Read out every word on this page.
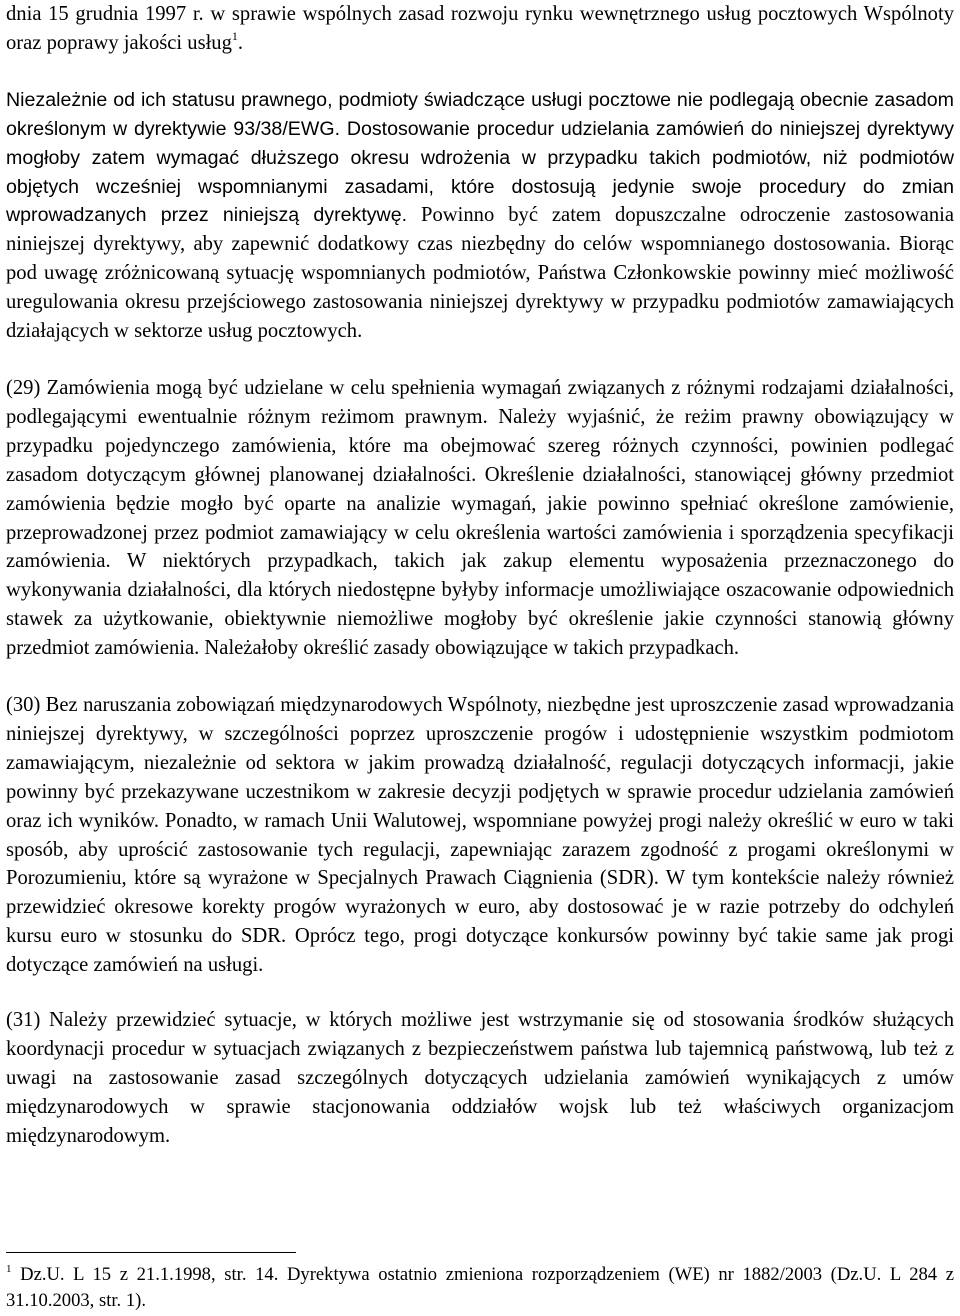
dnia 15 grudnia 1997 r. w sprawie wspólnych zasad rozwoju rynku wewnętrznego usług pocztowych Wspólnoty oraz poprawy jakości usług$^1$.

Niezależnie od ich statusu prawnego, podmioty świadczące usługi pocztowe nie podlegają obecnie zasadom określonym w dyrektywie 93/38/EWG. Dostosowanie procedur udzielania zamówień do niniejszej dyrektywy mogłoby zatem wymagać dłuższego okresu wdrożenia w przypadku takich podmiotów, niż podmiotów objętych wcześniej wspomnianymi zasadami, które dostosują jedynie swoje procedury do zmian wprowadzanych przez niniejszą dyrektywę. Powinno być zatem dopuszczalne odroczenie zastosowania niniejszej dyrektywy, aby zapewnić dodatkowy czas niezbędny do celów wspomnianego dostosowania. Biorąc pod uwagę zróżnicowaną sytuację wspomnianych podmiotów, Państwa Członkowskie powinny mieć możliwość uregulowania okresu przejściowego zastosowania niniejszej dyrektywy w przypadku podmiotów zamawiających działających w sektorze usług pocztowych.

(29) Zamówienia mogą być udzielane w celu spełnienia wymagań związanych z różnymi rodzajami działalności, podlegającymi ewentualnie różnym reżimom prawnym. Należy wyjaśnić, że reżim prawny obowiązujący w przypadku pojedynczego zamówienia, które ma obejmować szereg różnych czynności, powinien podlegać zasadom dotyczącym głównej planowanej działalności. Określenie działalności, stanowiącej główny przedmiot zamówienia będzie mogło być oparte na analizie wymagań, jakie powinno spełniać określone zamówienie, przeprowadzonej przez podmiot zamawiający w celu określenia wartości zamówienia i sporządzenia specyfikacji zamówienia. W niektórych przypadkach, takich jak zakup elementu wyposażenia przeznaczonego do wykonywania działalności, dla których niedostępne byłyby informacje umożliwiające oszacowanie odpowiednich stawek za użytkowanie, obiektywnie niemożliwe mogłoby być określenie jakie czynności stanowią główny przedmiot zamówienia. Należałoby określić zasady obowiązujące w takich przypadkach.

(30) Bez naruszania zobowiązań międzynarodowych Wspólnoty, niezbędne jest uproszczenie zasad wprowadzania niniejszej dyrektywy, w szczególności poprzez uproszczenie progów i udostępnienie wszystkim podmiotom zamawiającym, niezależnie od sektora w jakim prowadzą działalność, regulacji dotyczących informacji, jakie powinny być przekazywane uczestnikom w zakresie decyzji podjętych w sprawie procedur udzielania zamówień oraz ich wyników. Ponadto, w ramach Unii Walutowej, wspomniane powyżej progi należy określić w euro w taki sposób, aby uprościć zastosowanie tych regulacji, zapewniając zarazem zgodność z progami określonymi w Porozumieniu, które są wyrażone w Specjalnych Prawach Ciągnienia (SDR). W tym kontekście należy również przewidzieć okresowe korekty progów wyrażonych w euro, aby dostosować je w razie potrzeby do odchyleń kursu euro w stosunku do SDR. Oprócz tego, progi dotyczące konkursów powinny być takie same jak progi dotyczące zamówień na usługi.

(31) Należy przewidzieć sytuacje, w których możliwe jest wstrzymanie się od stosowania środków służących koordynacji procedur w sytuacjach związanych z bezpieczeństwem państwa lub tajemnicą państwową, lub też z uwagi na zastosowanie zasad szczególnych dotyczących udzielania zamówień wynikających z umów międzynarodowych w sprawie stacjonowania oddziałów wojsk lub też właściwych organizacjom międzynarodowym.

$^1$ Dz.U. L 15 z 21.1.1998, str. 14. Dyrektywa ostatnio zmieniona rozporządzeniem (WE) nr 1882/2003 (Dz.U. L 284 z 31.10.2003, str. 1).
